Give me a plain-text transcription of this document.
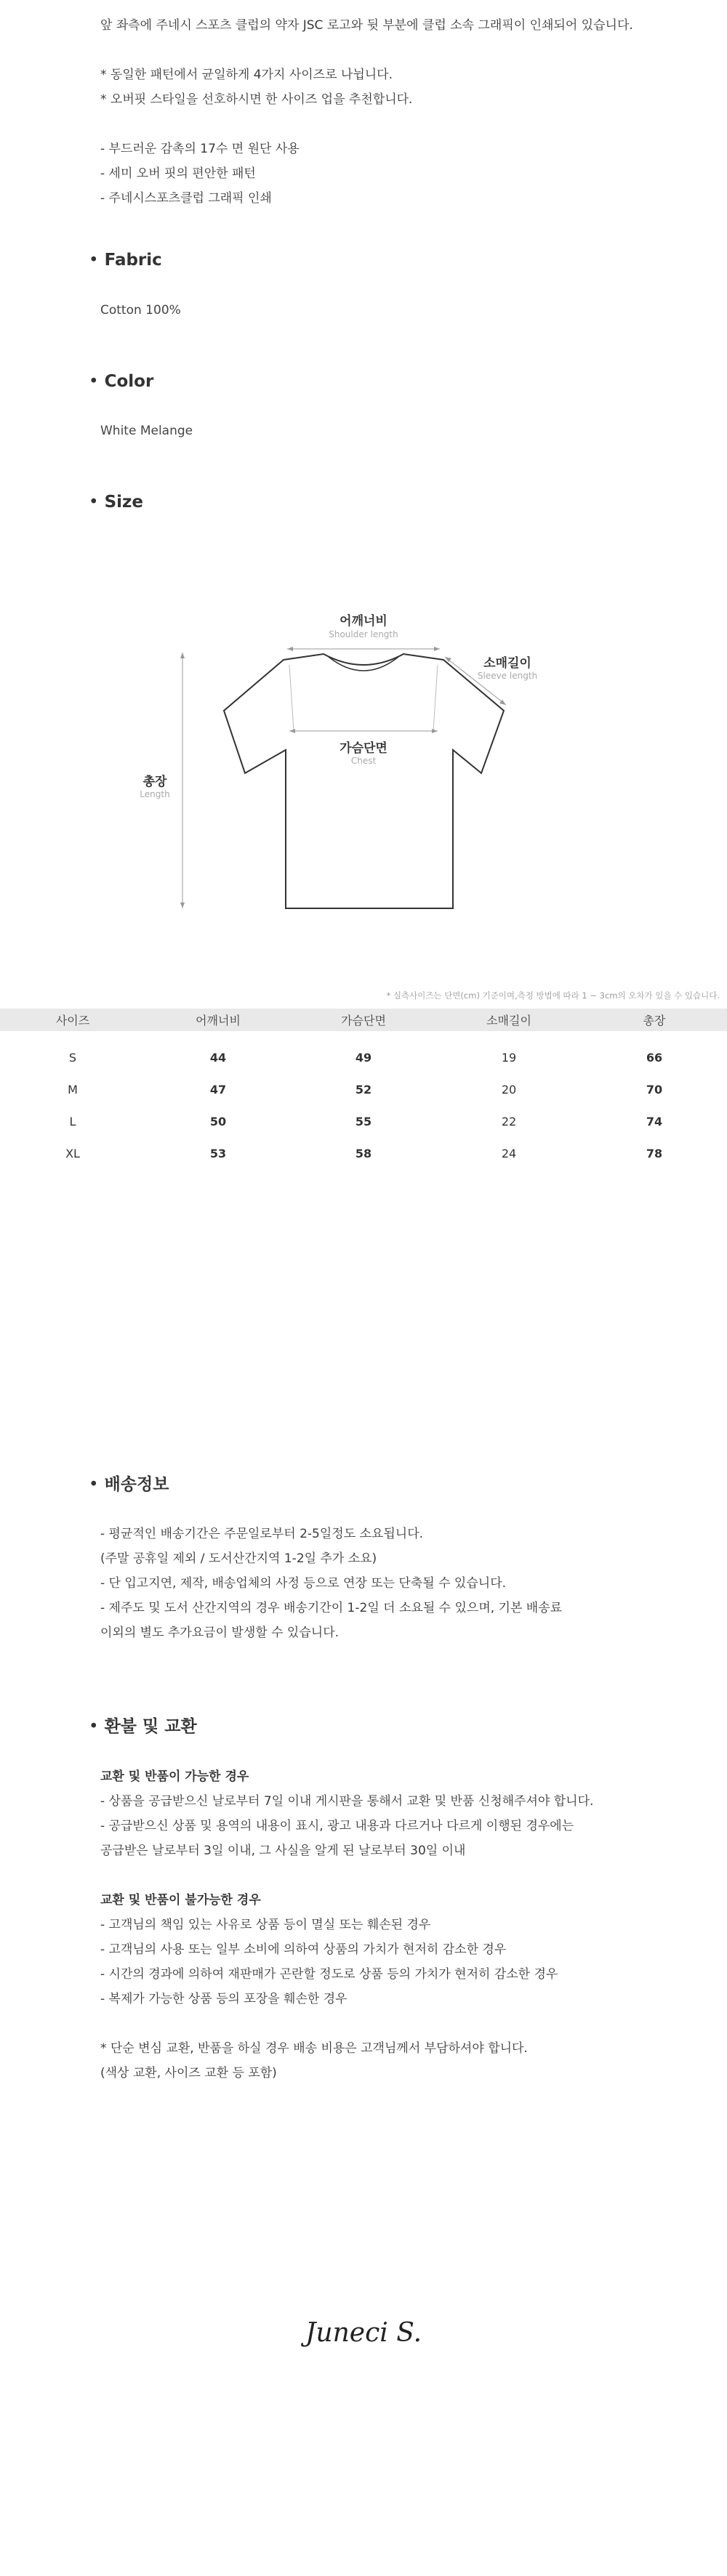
앞 좌측에 주네시 스포츠 클럽의 약자 JSC 로고와 뒷 부분에 클럽 소속 그래픽이 인쇄되어 있습니다.
* 동일한 패턴에서 균일하게 4가지 사이즈로 나뉩니다.
* 오버핏 스타일을 선호하시면 한 사이즈 업을 추천합니다.
- 부드러운 감촉의 17수 면 원단 사용
- 세미 오버 핏의 편안한 패턴
- 주네시스포츠클럽 그래픽 인쇄
• Fabric
Cotton 100%
• Color
White Melange
• Size
어깨너비
Shoulder length
소매길이
Sleeve length
가슴단면
Chest
총장
Length
* 실측사이즈는 단면(cm) 기준이며,측정 방법에 따라 1 ~ 3cm의 오차가 있을 수 있습니다.
사이즈	어깨너비	가슴단면	소매길이	총장

S	44	49	19	66
M	47	52	20	70
L	50	55	22	74
XL	53	58	24	78
• 배송정보
- 평균적인 배송기간은 주문일로부터 2-5일정도 소요됩니다.
(주말 공휴일 제외 / 도서산간지역 1-2일 추가 소요)
- 단 입고지연, 제작, 배송업체의 사정 등으로 연장 또는 단축될 수 있습니다.
- 제주도 및 도서 산간지역의 경우 배송기간이 1-2일 더 소요될 수 있으며, 기본 배송료
이외의 별도 추가요금이 발생할 수 있습니다.
• 환불 및 교환
교환 및 반품이 가능한 경우
- 상품을 공급받으신 날로부터 7일 이내 게시판을 통해서 교환 및 반품 신청해주셔야 합니다.
- 공급받으신 상품 및 용역의 내용이 표시, 광고 내용과 다르거나 다르게 이행된 경우에는
공급받은 날로부터 3일 이내, 그 사실을 알게 된 날로부터 30일 이내
교환 및 반품이 불가능한 경우
- 고객님의 책임 있는 사유로 상품 등이 멸실 또는 훼손된 경우
- 고객님의 사용 또는 일부 소비에 의하여 상품의 가치가 현저히 감소한 경우
- 시간의 경과에 의하여 재판매가 곤란할 정도로 상품 등의 가치가 현저히 감소한 경우
- 복제가 가능한 상품 등의 포장을 훼손한 경우
* 단순 변심 교환, 반품을 하실 경우 배송 비용은 고객님께서 부담하셔야 합니다.
(색상 교환, 사이즈 교환 등 포함)
Juneci S.
